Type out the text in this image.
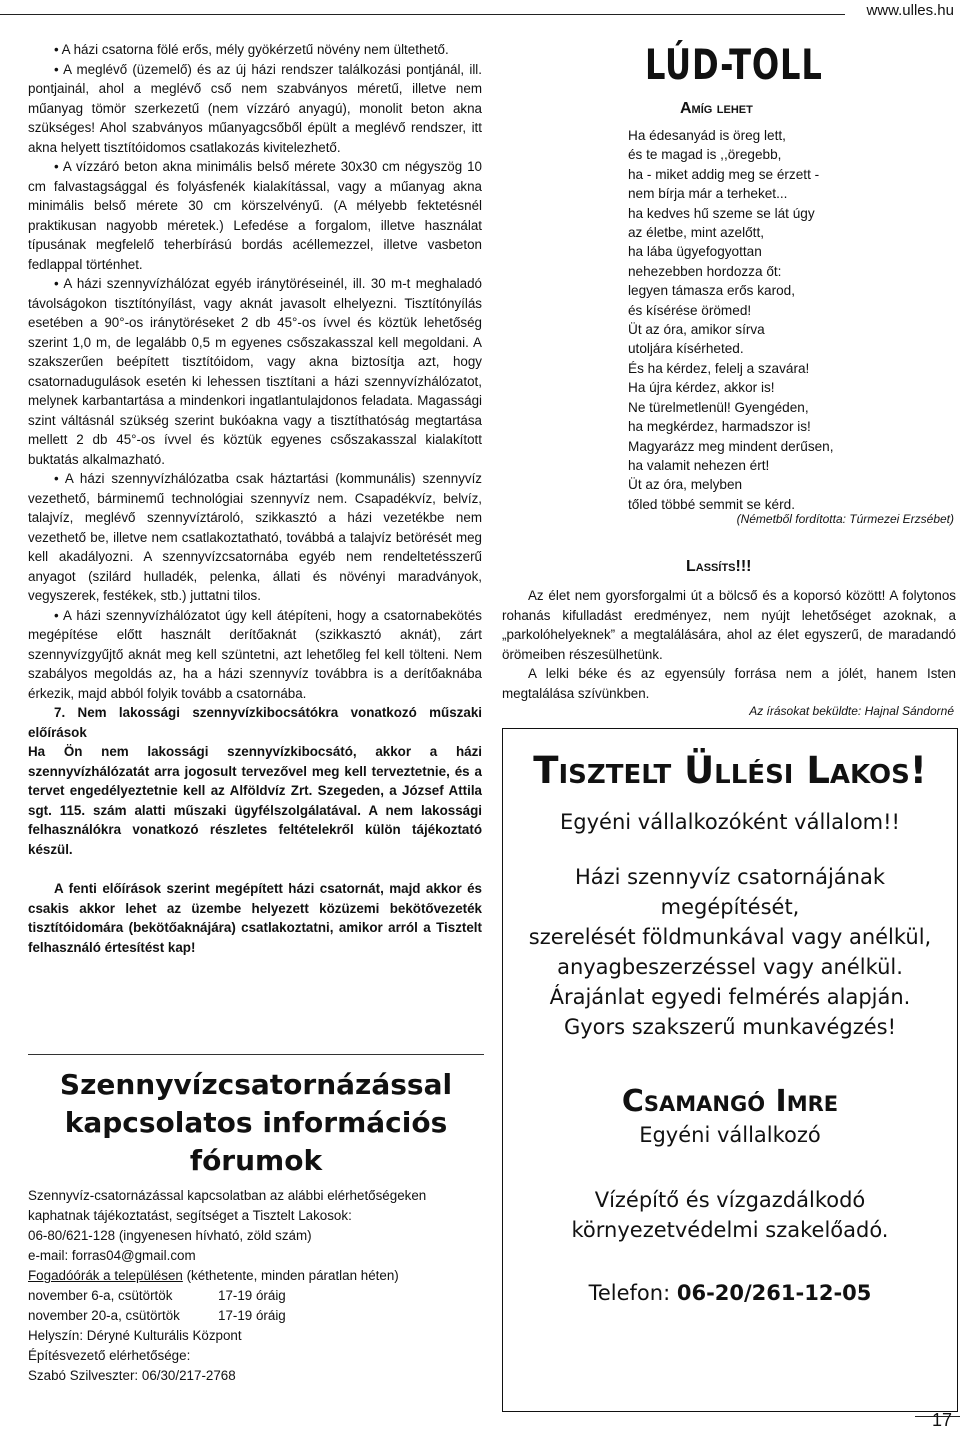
www.ulles.hu

• A házi csatorna fölé erős, mély gyökérzetű növény nem ültethető.

• A meglévő (üzemelő) és az új házi rendszer találkozási pontjánál, ill. pontjainál, ahol a meglévő cső nem szabványos méretű, illetve nem műanyag tömör szerkezetű (nem vízzáró anyagú), monolit beton akna szükséges! Ahol szabványos műanyagcsőből épült a meglévő rendszer, itt akna helyett tisztítóidomos csatlakozás kivitelezhető.

• A vízzáró beton akna minimális belső mérete 30x30 cm négyszög 10 cm falvastagsággal és folyásfenék kialakítással, vagy a műanyag akna minimális belső mérete 30 cm körszelvényű. (A mélyebb fektetésnél praktikusan nagyobb méretek.) Lefedése a forgalom, illetve használat típusának megfelelő teherbírású bordás acéllemezzel, illetve vasbeton fedlappal történhet.

• A házi szennyvízhálózat egyéb iránytöréseinél, ill. 30 m-t meghaladó távolságokon tisztítónyílást, vagy aknát javasolt elhelyezni. Tisztítónyílás esetében a 90°-os iránytöréseket 2 db 45°-os ívvel és köztük lehetőség szerint 1,0 m, de legalább 0,5 m egyenes csőszakasszal kell megoldani. A szakszerűen beépített tisztítóidom, vagy akna biztosítja azt, hogy csatornadugulások esetén ki lehessen tisztítani a házi szennyvízhálózatot, melynek karbantartása a mindenkori ingatlantulajdonos feladata. Magassági szint váltásnál szükség szerint bukóakna vagy a tisztíthatóság megtartása mellett 2 db 45°-os ívvel és köztük egyenes csőszakasszal kialakított buktatás alkalmazható.

• A házi szennyvízhálózatba csak háztartási (kommunális) szennyvíz vezethető, bárminemű technológiai szennyvíz nem. Csapadékvíz, belvíz, talajvíz, meglévő szennyvíztároló, szikkasztó a házi vezetékbe nem vezethető be, illetve nem csatlakoztatható, továbbá a talajvíz betörését meg kell akadályozni. A szennyvízcsatornába egyéb nem rendeltetésszerű anyagot (szilárd hulladék, pelenka, állati és növényi maradványok, vegyszerek, festékek, stb.) juttatni tilos.

• A házi szennyvízhálózatot úgy kell átépíteni, hogy a csatornabekötés megépítése előtt használt derítőaknát (szikkasztó aknát), zárt szennyvízgyűjtő aknát meg kell szüntetni, azt lehetőleg fel kell tölteni. Nem szabályos megoldás az, ha a házi szennyvíz továbbra is a derítőaknába érkezik, majd abból folyik tovább a csatornába.

7. Nem lakossági szennyvízkibocsátókra vonatkozó műszaki előírások

Ha Ön nem lakossági szennyvízkibocsátó, akkor a házi szennyvízhálózatát arra jogosult tervezővel meg kell terveztetnie, és a tervet engedélyeztetnie kell az Alföldvíz Zrt. Szegeden, a József Attila sgt. 115. szám alatti műszaki ügyfélszolgálatával. A nem lakossági felhasználókra vonatkozó részletes feltételekről külön tájékoztató készül.

A fenti előírások szerint megépített házi csatornát, majd akkor és csakis akkor lehet az üzembe helyezett közüzemi bekötővezeték tisztítóidomára (bekötőaknájára) csatlakoztatni, amikor arról a Tisztelt felhasználó értesítést kap!

Szennyvízcsatornázással
kapcsolatos információs
fórumok
Szennyvíz-csatornázással kapcsolatban az alábbi elérhetőségeken
kaphatnak tájékoztatást, segítséget a Tisztelt Lakosok:
06-80/621-128 (ingyenesen hívható, zöld szám)
e-mail: forras04@gmail.com
Fogadóórák a településen (kéthetente, minden páratlan héten)
november 6-a, csütörtök	17-19 óráig
november 20-a, csütörtök	17-19 óráig
Helyszín: Déryné Kulturális Központ
Építésvezető elérhetősége:
Szabó Szilveszter: 06/30/217-2768
LÚD-TOLL
Amíg lehet
Ha édesanyád is öreg lett,
és te magad is ,,öregebb,
ha - miket addig meg se érzett -
nem bírja már a terheket...
ha kedves hű szeme se lát úgy
az életbe, mint azelőtt,
ha lába ügyefogyottan
nehezebben hordozza őt:
legyen támasza erős karod,
és kísérése örömed!
Üt az óra, amikor sírva
utoljára kísérheted.
És ha kérdez, felelj a szavára!
Ha újra kérdez, akkor is!
Ne türelmetlenül! Gyengéden,
ha megkérdez, harmadszor is!
Magyarázz meg mindent derűsen,
ha valamit nehezen ért!
Üt az óra, melyben
tőled többé semmit se kérd.
(Németből fordította: Túrmezei Erzsébet)
Lassíts!!!

Az élet nem gyorsforgalmi út a bölcső és a koporsó között! A folytonos rohanás kifulladást eredményez, nem nyújt lehetőséget azoknak, a „parkolóhelyeknek” a megtalálására, ahol az élet egyszerű, de maradandó örömeiben részesülhetünk.

A lelki béke és az egyensúly forrása nem a jólét, hanem Isten megtalálása szívünkben.

Az írásokat beküldte: Hajnal Sándorné
Tisztelt Üllési Lakos!
Egyéni vállalkozóként vállalom!!
Házi szennyvíz csatornájának megépítését,
szerelését földmunkával vagy anélkül,
anyagbeszerzéssel vagy anélkül.
Árajánlat egyedi felmérés alapján.
Gyors szakszerű munkavégzés!
Csamangó Imre
Egyéni vállalkozó
Vízépítő és vízgazdálkodó
környezetvédelmi szakelőadó.
Telefon: 06-20/261-12-05
17
